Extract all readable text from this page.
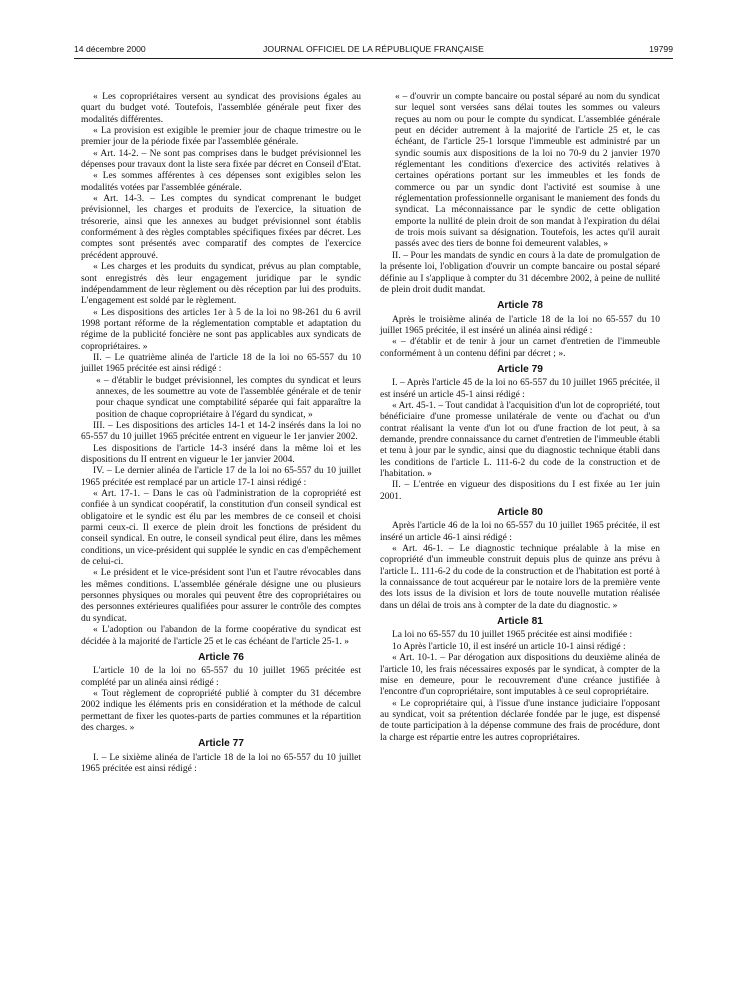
14 décembre 2000	JOURNAL OFFICIEL DE LA RÉPUBLIQUE FRANÇAISE	19799

« Les copropriétaires versent au syndicat des provisions égales au quart du budget voté. Toutefois, l'assemblée générale peut fixer des modalités différentes.

« La provision est exigible le premier jour de chaque trimestre ou le premier jour de la période fixée par l'assemblée générale.

« Art. 14-2. – Ne sont pas comprises dans le budget prévisionnel les dépenses pour travaux dont la liste sera fixée par décret en Conseil d'Etat.

« Les sommes afférentes à ces dépenses sont exigibles selon les modalités votées par l'assemblée générale.

« Art. 14-3. – Les comptes du syndicat comprenant le budget prévisionnel, les charges et produits de l'exercice, la situation de trésorerie, ainsi que les annexes au budget prévisionnel sont établis conformément à des règles comptables spécifiques fixées par décret. Les comptes sont présentés avec comparatif des comptes de l'exercice précédent approuvé.

« Les charges et les produits du syndicat, prévus au plan comptable, sont enregistrés dès leur engagement juridique par le syndic indépendamment de leur règlement ou dès réception par lui des produits. L'engagement est soldé par le règlement.

« Les dispositions des articles 1er à 5 de la loi no 98-261 du 6 avril 1998 portant réforme de la réglementation comptable et adaptation du régime de la publicité foncière ne sont pas applicables aux syndicats de copropriétaires. »

II. – Le quatrième alinéa de l'article 18 de la loi no 65-557 du 10 juillet 1965 précitée est ainsi rédigé :

« – d'établir le budget prévisionnel, les comptes du syndicat et leurs annexes, de les soumettre au vote de l'assemblée générale et de tenir pour chaque syndicat une comptabilité séparée qui fait apparaître la position de chaque copropriétaire à l'égard du syndicat, »

III. – Les dispositions des articles 14-1 et 14-2 insérés dans la loi no 65-557 du 10 juillet 1965 précitée entrent en vigueur le 1er janvier 2002.

Les dispositions de l'article 14-3 inséré dans la même loi et les dispositions du II entrent en vigueur le 1er janvier 2004.

IV. – Le dernier alinéa de l'article 17 de la loi no 65-557 du 10 juillet 1965 précitée est remplacé par un article 17-1 ainsi rédigé :

« Art. 17-1. – Dans le cas où l'administration de la copropriété est confiée à un syndicat coopératif, la constitution d'un conseil syndical est obligatoire et le syndic est élu par les membres de ce conseil et choisi parmi ceux-ci. Il exerce de plein droit les fonctions de président du conseil syndical. En outre, le conseil syndical peut élire, dans les mêmes conditions, un vice-président qui supplée le syndic en cas d'empêchement de celui-ci.

« Le président et le vice-président sont l'un et l'autre révocables dans les mêmes conditions. L'assemblée générale désigne une ou plusieurs personnes physiques ou morales qui peuvent être des copropriétaires ou des personnes extérieures qualifiées pour assurer le contrôle des comptes du syndicat.

« L'adoption ou l'abandon de la forme coopérative du syndicat est décidée à la majorité de l'article 25 et le cas échéant de l'article 25-1. »

Article 76

L'article 10 de la loi no 65-557 du 10 juillet 1965 précitée est complété par un alinéa ainsi rédigé :

« Tout règlement de copropriété publié à compter du 31 décembre 2002 indique les éléments pris en considération et la méthode de calcul permettant de fixer les quotes-parts de parties communes et la répartition des charges. »

Article 77

I. – Le sixième alinéa de l'article 18 de la loi no 65-557 du 10 juillet 1965 précitée est ainsi rédigé :

« – d'ouvrir un compte bancaire ou postal séparé au nom du syndicat sur lequel sont versées sans délai toutes les sommes ou valeurs reçues au nom ou pour le compte du syndicat. L'assemblée générale peut en décider autrement à la majorité de l'article 25 et, le cas échéant, de l'article 25-1 lorsque l'immeuble est administré par un syndic soumis aux dispositions de la loi no 70-9 du 2 janvier 1970 réglementant les conditions d'exercice des activités relatives à certaines opérations portant sur les immeubles et les fonds de commerce ou par un syndic dont l'activité est soumise à une réglementation professionnelle organisant le maniement des fonds du syndicat. La méconnaissance par le syndic de cette obligation emporte la nullité de plein droit de son mandat à l'expiration du délai de trois mois suivant sa désignation. Toutefois, les actes qu'il aurait passés avec des tiers de bonne foi demeurent valables, »

II. – Pour les mandats de syndic en cours à la date de promulgation de la présente loi, l'obligation d'ouvrir un compte bancaire ou postal séparé définie au I s'applique à compter du 31 décembre 2002, à peine de nullité de plein droit dudit mandat.

Article 78

Après le troisième alinéa de l'article 18 de la loi no 65-557 du 10 juillet 1965 précitée, il est inséré un alinéa ainsi rédigé :

« – d'établir et de tenir à jour un carnet d'entretien de l'immeuble conformément à un contenu défini par décret ; ».

Article 79

I. – Après l'article 45 de la loi no 65-557 du 10 juillet 1965 précitée, il est inséré un article 45-1 ainsi rédigé :

« Art. 45-1. – Tout candidat à l'acquisition d'un lot de copropriété, tout bénéficiaire d'une promesse unilatérale de vente ou d'achat ou d'un contrat réalisant la vente d'un lot ou d'une fraction de lot peut, à sa demande, prendre connaissance du carnet d'entretien de l'immeuble établi et tenu à jour par le syndic, ainsi que du diagnostic technique établi dans les conditions de l'article L. 111-6-2 du code de la construction et de l'habitation. »

II. – L'entrée en vigueur des dispositions du I est fixée au 1er juin 2001.

Article 80

Après l'article 46 de la loi no 65-557 du 10 juillet 1965 précitée, il est inséré un article 46-1 ainsi rédigé :

« Art. 46-1. – Le diagnostic technique préalable à la mise en copropriété d'un immeuble construit depuis plus de quinze ans prévu à l'article L. 111-6-2 du code de la construction et de l'habitation est porté à la connaissance de tout acquéreur par le notaire lors de la première vente des lots issus de la division et lors de toute nouvelle mutation réalisée dans un délai de trois ans à compter de la date du diagnostic. »

Article 81

La loi no 65-557 du 10 juillet 1965 précitée est ainsi modifiée :

1o Après l'article 10, il est inséré un article 10-1 ainsi rédigé :

« Art. 10-1. – Par dérogation aux dispositions du deuxième alinéa de l'article 10, les frais nécessaires exposés par le syndicat, à compter de la mise en demeure, pour le recouvrement d'une créance justifiée à l'encontre d'un copropriétaire, sont imputables à ce seul copropriétaire.

« Le copropriétaire qui, à l'issue d'une instance judiciaire l'opposant au syndicat, voit sa prétention déclarée fondée par le juge, est dispensé de toute participation à la dépense commune des frais de procédure, dont la charge est répartie entre les autres copropriétaires.
